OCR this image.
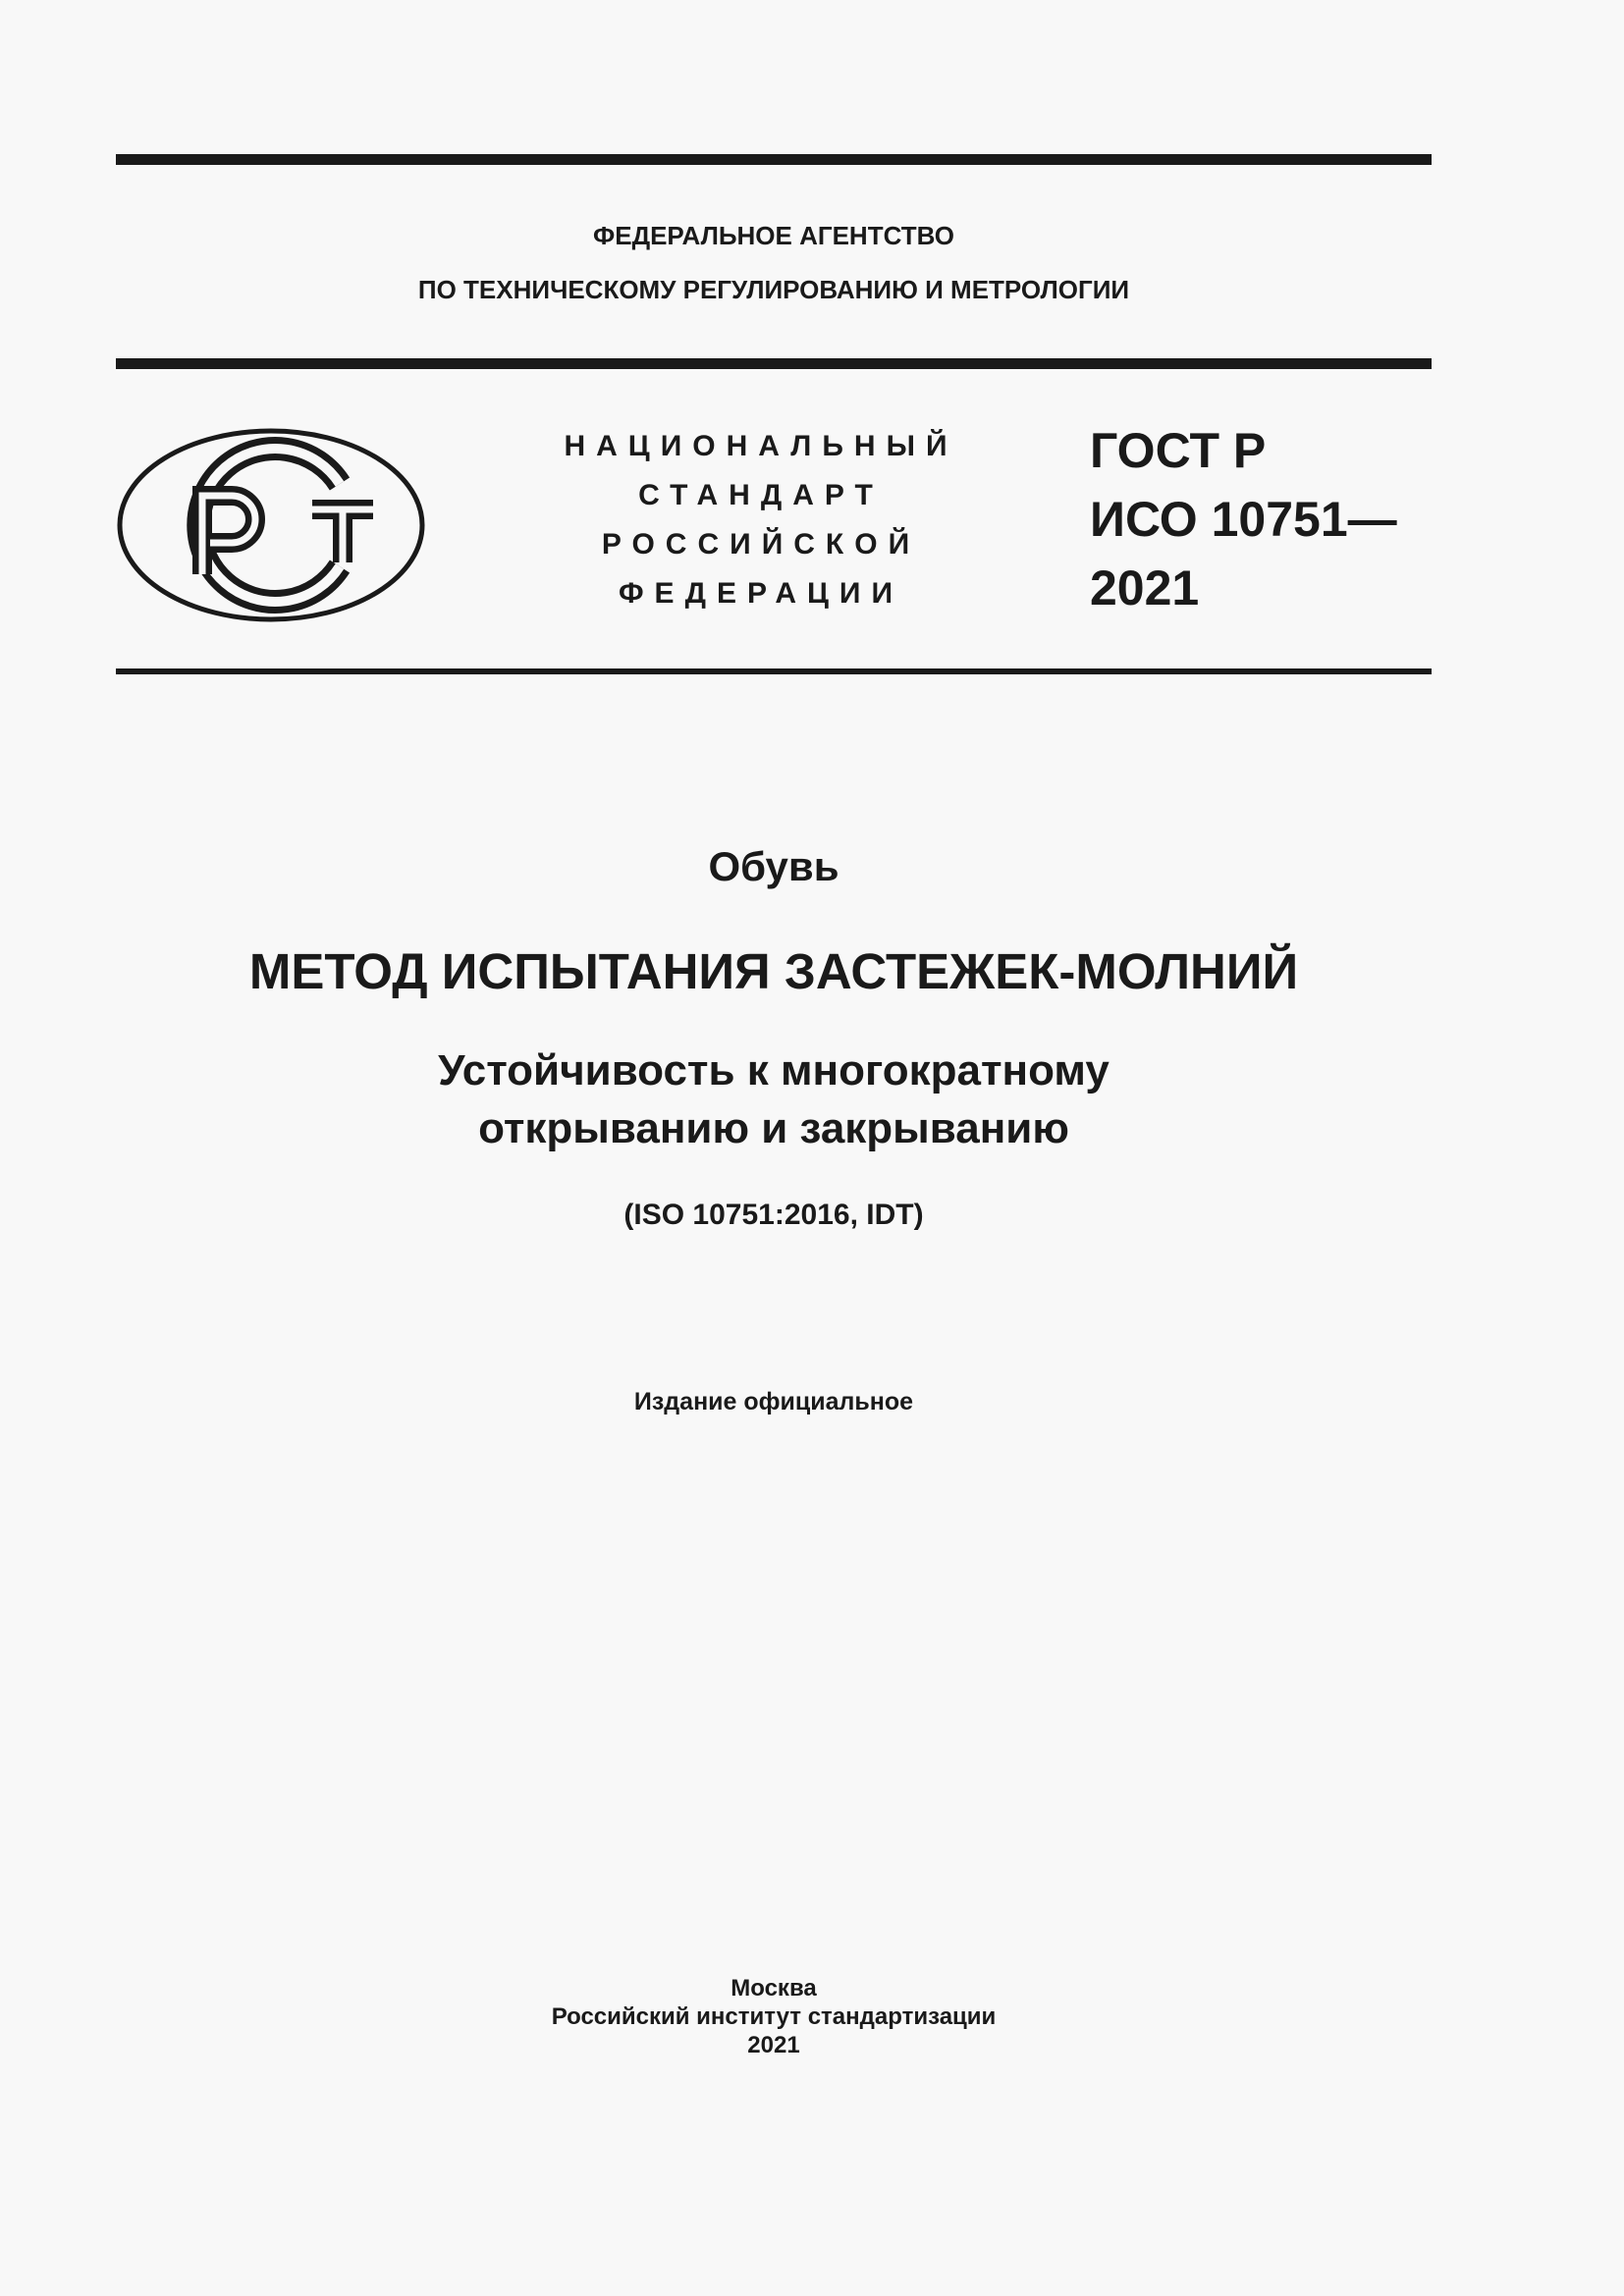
ФЕДЕРАЛЬНОЕ АГЕНТСТВО
ПО ТЕХНИЧЕСКОМУ РЕГУЛИРОВАНИЮ И МЕТРОЛОГИИ
НАЦИОНАЛЬНЫЙ
СТАНДАРТ
РОССИЙСКОЙ
ФЕДЕРАЦИИ
ГОСТ Р
ИСО 10751—
2021
Обувь
МЕТОД ИСПЫТАНИЯ ЗАСТЕЖЕК-МОЛНИЙ
Устойчивость к многократному
открыванию и закрыванию
(ISO 10751:2016, IDT)
Издание официальное
Москва
Российский институт стандартизации
2021
